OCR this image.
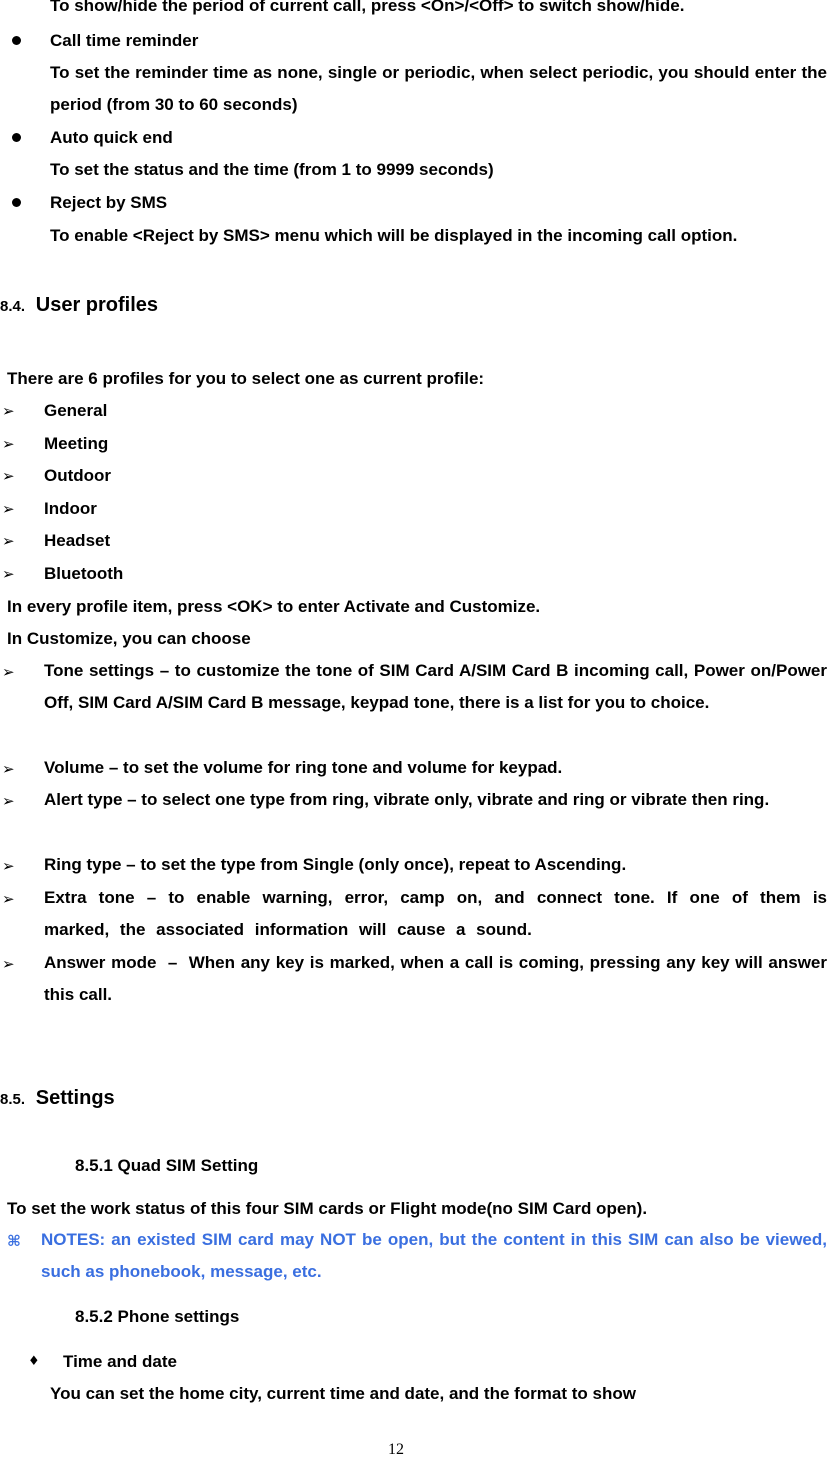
To show/hide the period of current call, press <On>/<Off> to switch show/hide.
Call time reminder
To set the reminder time as none, single or periodic, when select periodic, you should enter the period (from 30 to 60 seconds)
Auto quick end
To set the status and the time (from 1 to 9999 seconds)
Reject by SMS
To enable <Reject by SMS> menu which will be displayed in the incoming call option.
8.4. User profiles
There are 6 profiles for you to select one as current profile:
➢ General
➢ Meeting
➢ Outdoor
➢ Indoor
➢ Headset
➢ Bluetooth
In every profile item, press <OK> to enter Activate and Customize.
In Customize, you can choose
➢ Tone settings – to customize the tone of SIM Card A/SIM Card B incoming call, Power on/Power Off, SIM Card A/SIM Card B message, keypad tone, there is a list for you to choice.
➢ Volume – to set the volume for ring tone and volume for keypad.
➢ Alert type – to select one type from ring, vibrate only, vibrate and ring or vibrate then ring.
➢ Ring type – to set the type from Single (only once), repeat to Ascending.
➢ Extra tone – to enable warning, error, camp on, and connect tone. If one of them is marked, the associated information will cause a sound.
➢ Answer mode  –  When any key is marked, when a call is coming, pressing any key will answer this call.
8.5. Settings
8.5.1 Quad SIM Setting
To set the work status of this four SIM cards or Flight mode(no SIM Card open).
⌘ NOTES: an existed SIM card may NOT be open, but the content in this SIM can also be viewed, such as phonebook, message, etc.
8.5.2 Phone settings
♦ Time and date
You can set the home city, current time and date, and the format to show
12
